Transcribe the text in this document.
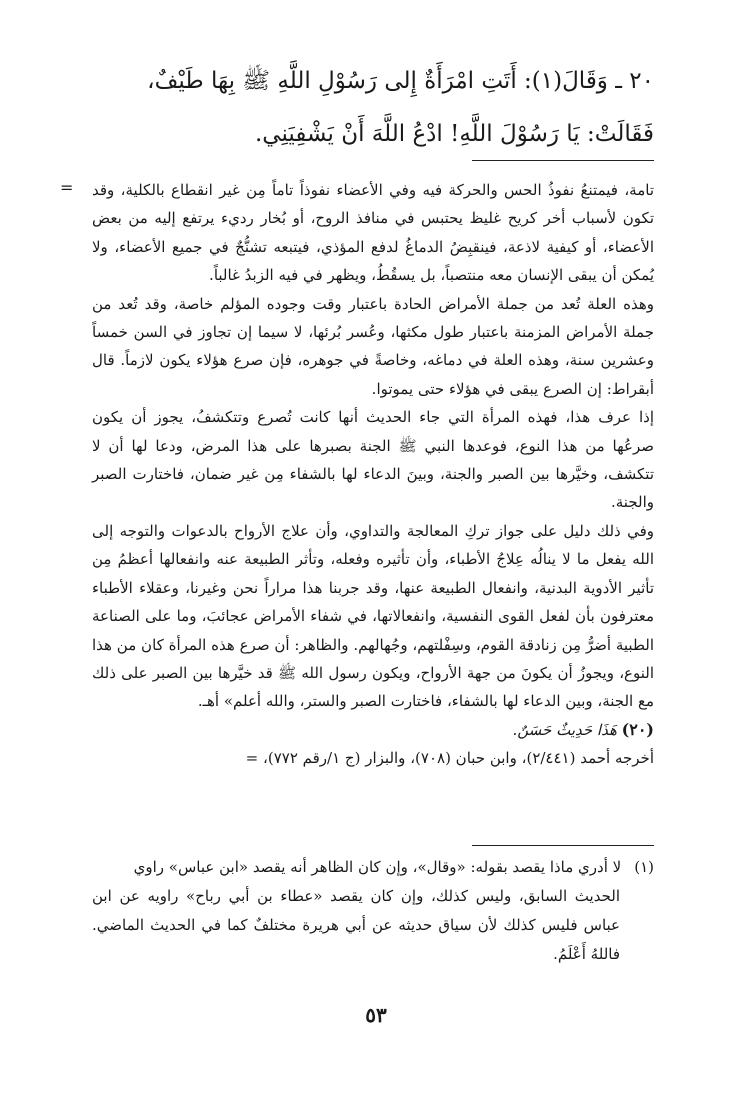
٢٠ ـ وَقَالَ(١): أَتَتِ امْرَأَةٌ إِلى رَسُوْلِ اللَّهِ ﷺ بِهَا طَيْفٌ،

فَقَالَتْ: يَا رَسُوْلَ اللَّهِ! ادْعُ اللَّهَ أَنْ يَشْفِيَنِي.

= تامة، فيمتنعُ نفوذُ الحس والحركة فيه وفي الأعضاء نفوذاً تاماً مِن غير انقطاع بالكلية، وقد تكون لأسباب أخر كريح غليظ يحتبس في منافذ الروح، أو بُخار رديء يرتفع إليه من بعض الأعضاء، أو كيفية لاذعة، فينقبِضُ الدماغُ لدفع المؤذي، فيتبعه تشنُّجٌ في جميع الأعضاء، ولا يُمكن أن يبقى الإنسان معه منتصباً، بل يسقُطُ، ويظهر في فيه الزبدُ غالباً.

وهذه العلة تُعد من جملة الأمراض الحادة باعتبار وقت وجوده المؤلم خاصة، وقد تُعد من جملة الأمراض المزمنة باعتبار طول مكثها، وعُسر بُرئها، لا سيما إن تجاوز في السن خمساً وعشرين سنة، وهذه العلة في دماغه، وخاصةً في جوهره، فإن صرع هؤلاء يكون لازماً. قال أبقراط: إن الصرع يبقى في هؤلاء حتى يموتوا.

إذا عرف هذا، فهذه المرأة التي جاء الحديث أنها كانت تُصرع وتتكشفُ، يجوز أن يكون صرعُها من هذا النوع، فوعدها النبي ﷺ الجنة بصبرها على هذا المرض، ودعا لها أن لا تتكشف، وخيَّرها بين الصبر والجنة، وبينَ الدعاء لها بالشفاء مِن غير ضمان، فاختارت الصبر والجنة.

وفي ذلك دليل على جواز تركِ المعالجة والتداوي، وأن علاج الأرواح بالدعوات والتوجه إلى الله يفعل ما لا ينالُه عِلاجُ الأطباء، وأن تأثيره وفعله، وتأثر الطبيعة عنه وانفعالها أعظمُ مِن تأثير الأدوية البدنية، وانفعال الطبيعة عنها، وقد جربنا هذا مراراً نحن وغيرنا، وعقلاء الأطباء معترفون بأن لفعل القوى النفسية، وانفعالاتها، في شفاء الأمراض عجائبَ، وما على الصناعة الطبية أضرُّ مِن زنادقة القوم، وسِفْلتهم، وجُهالهم. والظاهر: أن صرع هذه المرأة كان من هذا النوع، ويجوزُ أن يكونَ من جهة الأرواح، ويكون رسول الله ﷺ قد خيَّرها بين الصبر على ذلك مع الجنة، وبين الدعاء لها بالشفاء، فاختارت الصبر والستر، والله أعلم» أهـ.

(٢٠) هَذَا حَدِيثٌ حَسَنٌ.

أخرجه أحمد (٢/٤٤١)، وابن حبان (٧٠٨)، والبزار (ج ١/رقم ٧٧٢)، =

(١) لا أدري ماذا يقصد بقوله: «وقال»، وإن كان الظاهر أنه يقصد «ابن عباس» راوي

الحديث السابق، وليس كذلك، وإن كان يقصد «عطاء بن أبي رباح» راويه عن ابن عباس فليس كذلك لأن سياق حديثه عن أبي هريرة مختلفٌ كما في الحديث الماضي. فاللهُ أَعْلَمُ.

٥٣
